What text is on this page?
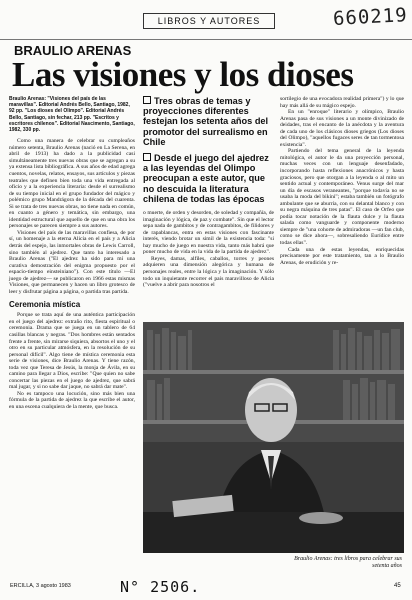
LIBROS Y AUTORES	660219
BRAULIO ARENAS
Las visiones y los dioses

Braulio Arenas: "Visiones del país de las maravillas". Editorial Andrés Bello, Santiago, 1982, 92 pp. "Los dioses del Olimpo". Editorial Andrés Bello, Santiago, sin fechar, 213 pp. "Escritos y escritores chilenos". Editorial Nascimento, Santiago, 1982, 330 pp.

Como una manera de celebrar su cumpleaños número setenta, Braulio Arenas (nació en La Serena, en abril de 1913) ha dado a la publicidad casi simultáneamente tres nuevas obras que se agregan a su ya extensa lista bibliográfica. A sus años de edad agrega cuentos, novelas, relatos, ensayos, sus artículos y piezas teatrales que definen bien toda una vida entregada al oficio y a la experiencia literaria: desde el surrealismo de su tiempo inicial en el grupo fundador del mágico y polémico grupo Mandrágora de la década del cuarenta. Si se trata de tres nuevas obras, no tiene nada en común, en cuanto a género y temática, sin embargo, una identidad estructural que aquello de que en una obra los personajes se parecen siempre a sus autores.

Visiones del país de las maravillas confiesa, de por sí, un homenaje a la eterna Alicia en el país y a Alicia detrás del espejo, las inmortales obras de Lewis Carroll, sino también al ajedrez. Que tanto ha interesado a Braulio Arenas ("El ajedrez ha sido para mí una curativa demostración del enigma propuesto por el espacio-tiempo einsteiniano"). Con este título —El juego de ajedrez— se publicaron en 1966 estas mismas Visiones, que permanecen y hacen un libro grotesco de leer y disfrutar página a página, o partida tras partida.

Ceremonia mística

Porque se trata aquí de una auténtica participación en el juego del ajedrez: extraño rito, fiesta espiritual o ceremonia. Drama que se juega en un tablero de 64 casillas blancas y negras. "Dos hombres están sentados frente a frente, sin mirarse siquiera, absortos el uno y el otro en su particular atmósfera, en la resolución de su personal difícil". Algo tiene de mística ceremonia esta serie de visiones, dice Braulio Arenas. Y tiene razón, toda vez que Teresa de Jesús, la monja de Ávila, en su camino para llegar a Dios, escribe: "Que quien no sabe concertar las piezas en el juego de ajedrez, que sabrá mal jugar, y si no sabe dar jaque, no sabrá dar mate".

No es tampoco una locución, sino más bien una fórmula de la partida de ajedrez la que escribe el autor, en una escena cualquiera de la mente, que busca.

Tres obras de temas y proyecciones diferentes festejan los setenta años del promotor del surrealismo en Chile
Desde el juego del ajedrez a las leyendas del Olimpo preocupan a este autor, que no descuida la literatura chilena de todas las épocas

o muerte, de orden y desorden, de soledad y compañía, de imaginación y lógica, de paz y combate". Sin que el lector sepa nada de gambitos y de contragambitos, de filidores y de rapablancas, entra en estas visiones con fascinante interés, viendo brotar un simil de la existencia toda: "si hay mucho de juego en nuestra vida, tanto más habrá que poner mucho de vida en la vida de la partida de ajedrez".

Reyes, damas, alfiles, caballos, torres y peones adquieren una dimensión alegórica y humana de personajes reales, entre la lógica y la imaginación. Y sólo todo un inquietante recorrer el país maravilloso de Alicia ("vuelve a abrir para nosotros el

sortilegio de una evocadora realidad primera") y lo que hay más allá de su mágico espejo.

En un "enroque" literario y olímpico, Braulio Arenas pasa de sus visiones a un monte divinizado de deidades, tras el encanto de la anécdota y la aventura de cada uno de los clásicos dioses griegos (Los dioses del Olimpo), "aquellos fugaces seres de tan tormentosa existencia".

Partiendo del tema general de la leyenda mitológica, el autor le da una proyección personal, muchas veces con un lenguaje desenfadado, incorporando hasta reflexiones anacrónicos y hasta graciosos, pero que otorgan a la leyenda o al mito un sentido actual y contemporáneo. Venus surge del mar un día de escasos veraneantes, "porque todavía no se usaba la moda del bikini"; estaba también un fotógrafo ambulante que se aburría, con su delantal blanco y con su negra máquina de tres patas". El caso de Orfeo que podía tocar notación de la flauta dulce y la flauta salada como vanguarde y componente moderno siempre de "una cohorte de admiradoras —un fan club, como se dice ahora—, sobresaliendo Eurídice entre todas ellas".

Cada una de estas leyendas, enriquecidas precisamente por este tratamiento, tan a lo Braulio Arenas, de erudición y re-

Braulio Arenas: tres libros para celebrar sus setenta años
ERCILLA, 3 agosto 1983	N° 2506.	45
